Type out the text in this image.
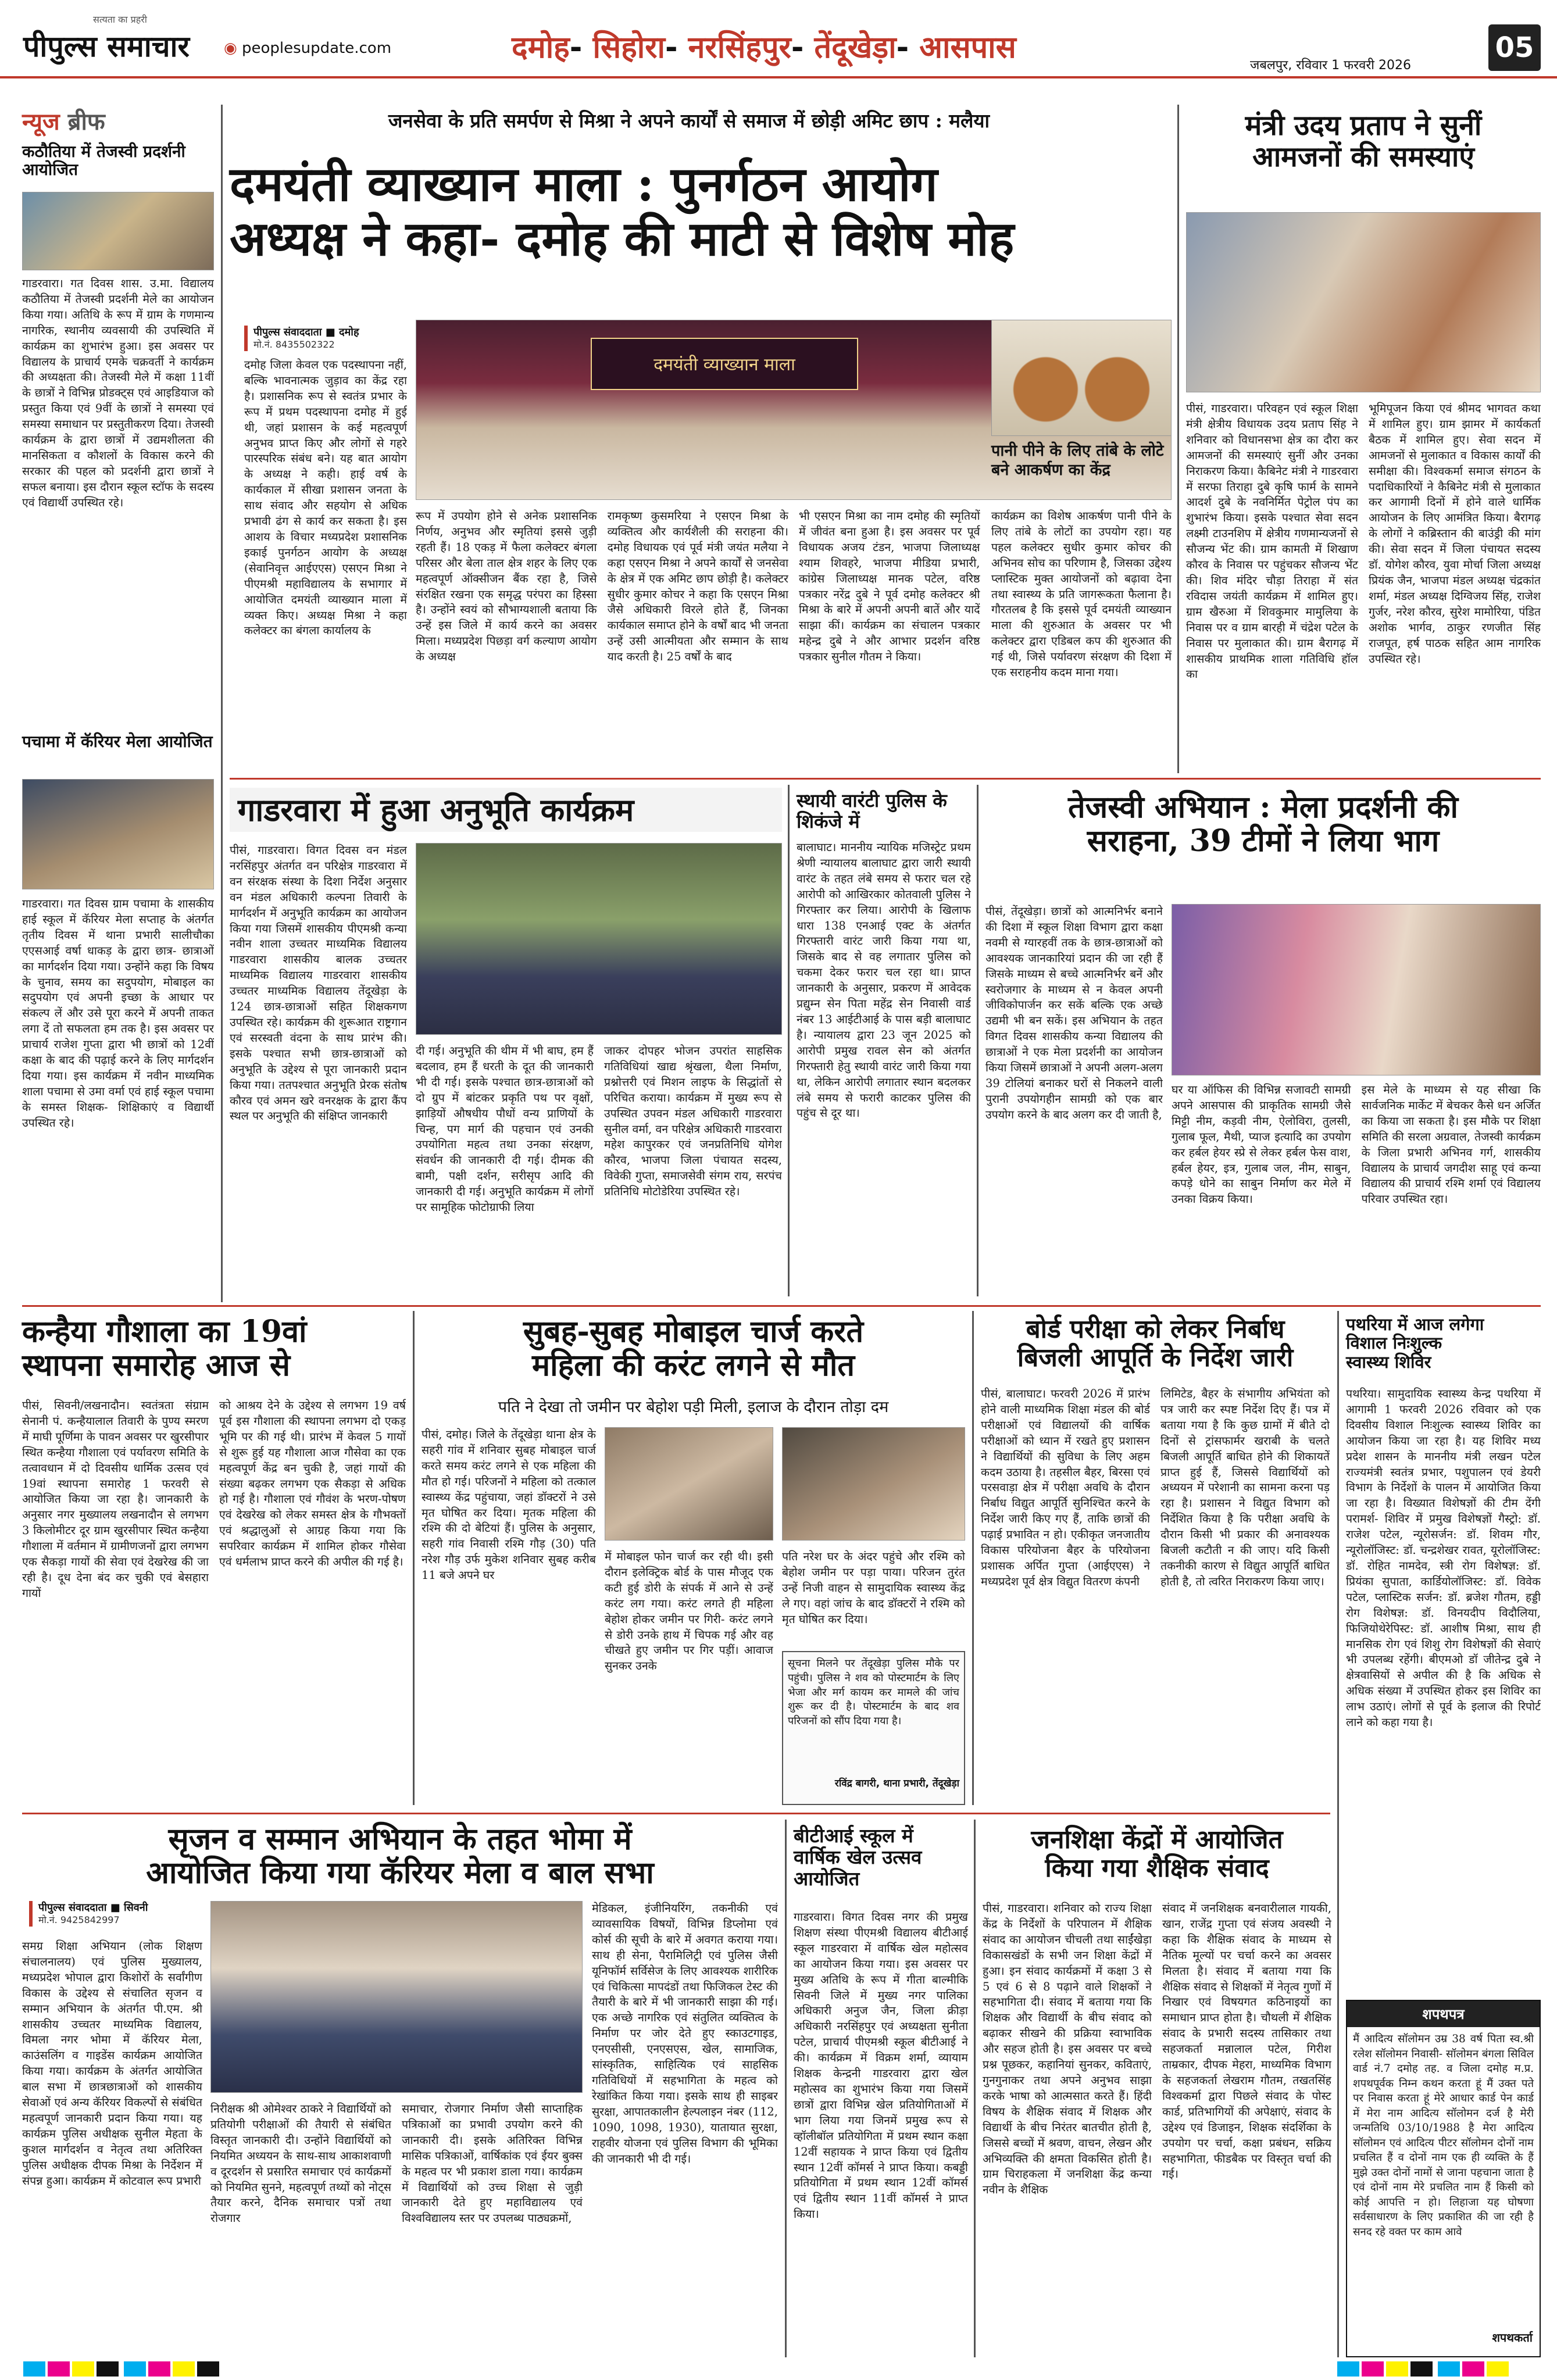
सत्यता का प्रहरी
पीपुल्स समाचार ◉ peoplesupdate.com	दमोह- सिहोरा- नरसिंहपुर- तेंदूखेड़ा- आसपास
जबलपुर, रविवार 1 फरवरी 2026
05
न्यूज ब्रीफ
कठौतिया में तेजस्वी प्रदर्शनी आयोजित
गाडरवारा। गत दिवस शास. उ.मा. विद्यालय कठौतिया में तेजस्वी प्रदर्शनी मेले का आयोजन किया गया। अतिथि के रूप में ग्राम के गणमान्य नागरिक, स्थानीय व्यवसायी की उपस्थिति में कार्यक्रम का शुभारंभ हुआ। इस अवसर पर विद्यालय के प्राचार्य एमके चक्रवर्ती ने कार्यक्रम की अध्यक्षता की। तेजस्वी मेले में कक्षा 11वीं के छात्रों ने विभिन्न प्रोडक्ट्स एवं आइडियाज को प्रस्तुत किया एवं 9वीं के छात्रों ने समस्या एवं समस्या समाधान पर प्रस्तुतीकरण दिया। तेजस्वी कार्यक्रम के द्वारा छात्रों में उद्यमशीलता की मानसिकता व कौशलों के विकास करने की सरकार की पहल को प्रदर्शनी द्वारा छात्रों ने सफल बनाया। इस दौरान स्कूल स्टॉफ के सदस्य एवं विद्यार्थी उपस्थित रहे।
पचामा में कॅरियर मेला आयोजित
गाडरवारा। गत दिवस ग्राम पचामा के शासकीय हाई स्कूल में कॅरियर मेला सप्ताह के अंतर्गत तृतीय दिवस में थाना प्रभारी सालीचौका एएसआई वर्षा धाकड़ के द्वारा छात्र- छात्राओं का मार्गदर्शन दिया गया। उन्होंने कहा कि विषय के चुनाव, समय का सदुपयोग, मोबाइल का सदुपयोग एवं अपनी इच्छा के आधार पर संकल्प लें और उसे पूरा करने में अपनी ताकत लगा दें तो सफलता हम तक है। इस अवसर पर प्राचार्य राजेश गुप्ता द्वारा भी छात्रों को 12वीं कक्षा के बाद की पढ़ाई करने के लिए मार्गदर्शन दिया गया। इस कार्यक्रम में नवीन माध्यमिक शाला पचामा से उमा वर्मा एवं हाई स्कूल पचामा के समस्त शिक्षक- शिक्षिकाएं व विद्यार्थी उपस्थित रहे।
जनसेवा के प्रति समर्पण से मिश्रा ने अपने कार्यों से समाज में छोड़ी अमिट छाप : मलैया
दमयंती व्याख्यान माला : पुनर्गठन आयोग
अध्यक्ष ने कहा- दमोह की माटी से विशेष मोह
पीपुल्स संवाददाता ■ दमोह
मो.नं. 8435502322
दमयंती व्याख्यान माला
दमोह जिला केवल एक पदस्थापना नहीं, बल्कि भावनात्मक जुड़ाव का केंद्र रहा है। प्रशासनिक रूप से स्वतंत्र प्रभार के रूप में प्रथम पदस्थापना दमोह में हुई थी, जहां प्रशासन के कई महत्वपूर्ण अनुभव प्राप्त किए और लोगों से गहरे पारस्परिक संबंध बने। यह बात आयोग के अध्यक्ष ने कही। हाई वर्ष के कार्यकाल में सीखा प्रशासन जनता के साथ संवाद और सहयोग से अधिक प्रभावी ढंग से कार्य कर सकता है। इस आशय के विचार मध्यप्रदेश प्रशासनिक इकाई पुनर्गठन आयोग के अध्यक्ष (सेवानिवृत्त आईएएस) एसएन मिश्रा ने पीएमश्री महाविद्यालय के सभागार में आयोजित दमयंती व्याख्यान माला में व्यक्त किए। अध्यक्ष मिश्रा ने कहा कलेक्टर का बंगला कार्यालय के
रूप में उपयोग होने से अनेक प्रशासनिक निर्णय, अनुभव और स्मृतियां इससे जुड़ी रहती हैं। 18 एकड़ में फैला कलेक्टर बंगला परिसर और बेला ताल क्षेत्र शहर के लिए एक महत्वपूर्ण ऑक्सीजन बैंक रहा है, जिसे संरक्षित रखना एक समृद्ध परंपरा का हिस्सा है। उन्होंने स्वयं को सौभाग्यशाली बताया कि उन्हें इस जिले में कार्य करने का अवसर मिला। मध्यप्रदेश पिछड़ा वर्ग कल्याण आयोग के अध्यक्ष
रामकृष्ण कुसमरिया ने एसएन मिश्रा के व्यक्तित्व और कार्यशैली की सराहना की। दमोह विधायक एवं पूर्व मंत्री जयंत मलैया ने कहा एसएन मिश्रा ने अपने कार्यों से जनसेवा के क्षेत्र में एक अमिट छाप छोड़ी है। कलेक्टर सुधीर कुमार कोचर ने कहा कि एसएन मिश्रा जैसे अधिकारी विरले होते हैं, जिनका कार्यकाल समाप्त होने के वर्षों बाद भी जनता उन्हें उसी आत्मीयता और सम्मान के साथ याद करती है। 25 वर्षों के बाद
भी एसएन मिश्रा का नाम दमोह की स्मृतियों में जीवंत बना हुआ है। इस अवसर पर पूर्व विधायक अजय टंडन, भाजपा जिलाध्यक्ष श्याम शिवहरे, भाजपा मीडिया प्रभारी, कांग्रेस जिलाध्यक्ष मानक पटेल, वरिष्ठ पत्रकार नरेंद्र दुबे ने पूर्व दमोह कलेक्टर श्री मिश्रा के बारे में अपनी अपनी बातें और यादें साझा कीं। कार्यक्रम का संचालन पत्रकार महेन्द्र दुबे ने और आभार प्रदर्शन वरिष्ठ पत्रकार सुनील गौतम ने किया।
पानी पीने के लिए तांबे के लोटे बने आकर्षण का केंद्र
कार्यक्रम का विशेष आकर्षण पानी पीने के लिए तांबे के लोटों का उपयोग रहा। यह पहल कलेक्टर सुधीर कुमार कोचर की अभिनव सोच का परिणाम है, जिसका उद्देश्य प्लास्टिक मुक्त आयोजनों को बढ़ावा देना तथा स्वास्थ्य के प्रति जागरूकता फैलाना है। गौरतलब है कि इससे पूर्व दमयंती व्याख्यान माला की शुरुआत के अवसर पर भी कलेक्टर द्वारा एडिबल कप की शुरुआत की गई थी, जिसे पर्यावरण संरक्षण की दिशा में एक सराहनीय कदम माना गया।
मंत्री उदय प्रताप ने सुनीं
आमजनों की समस्याएं
पीसं, गाडरवारा। परिवहन एवं स्कूल शिक्षा मंत्री क्षेत्रीय विधायक उदय प्रताप सिंह ने शनिवार को विधानसभा क्षेत्र का दौरा कर आमजनों की समस्याएं सुनीं और उनका निराकरण किया। कैबिनेट मंत्री ने गाडरवारा में सरफा तिराहा दुबे कृषि फार्म के सामने आदर्श दुबे के नवनिर्मित पेट्रोल पंप का शुभारंभ किया। इसके पश्चात सेवा सदन लक्ष्मी टाउनशिप में क्षेत्रीय गणमान्यजनों से सौजन्य भेंट की। ग्राम कामती में शिखाण कौरव के निवास पर पहुंचकर सौजन्य भेंट की। शिव मंदिर चौड़ा तिराहा में संत रविदास जयंती कार्यक्रम में शामिल हुए। ग्राम खैरुआ में शिवकुमार मामुलिया के निवास पर व ग्राम बारही में चंद्रेश पटेल के निवास पर मुलाकात की। ग्राम बैरागढ़ में शासकीय प्राथमिक शाला गतिविधि हॉल का
भूमिपूजन किया एवं श्रीमद भागवत कथा में शामिल हुए। ग्राम झामर में कार्यकर्ता बैठक में शामिल हुए। सेवा सदन में आमजनों से मुलाकात व विकास कार्यों की समीक्षा की। विश्वकर्मा समाज संगठन के पदाधिकारियों ने कैबिनेट मंत्री से मुलाकात कर आगामी दिनों में होने वाले धार्मिक आयोजन के लिए आमंत्रित किया। बैरागढ़ के लोगों ने कब्रिस्तान की बाउंड्री की मांग की। सेवा सदन में जिला पंचायत सदस्य डॉ. योगेश कौरव, युवा मोर्चा जिला अध्यक्ष प्रियंक जैन, भाजपा मंडल अध्यक्ष चंद्रकांत शर्मा, मंडल अध्यक्ष दिग्विजय सिंह, राजेश गुर्जर, नरेश कौरव, सुरेश मामोरिया, पंडित अशोक भार्गव, ठाकुर रणजीत सिंह राजपूत, हर्ष पाठक सहित आम नागरिक उपस्थित रहे।
गाडरवारा में हुआ अनुभूति कार्यक्रम
पीसं, गाडरवारा। विगत दिवस वन मंडल नरसिंहपुर अंतर्गत वन परिक्षेत्र गाडरवारा में वन संरक्षक संस्था के दिशा निर्देश अनुसार वन मंडल अधिकारी कल्पना तिवारी के मार्गदर्शन में अनुभूति कार्यक्रम का आयोजन किया गया जिसमें शासकीय पीएमश्री कन्या नवीन शाला उच्चतर माध्यमिक विद्यालय गाडरवारा शासकीय बालक उच्चतर माध्यमिक विद्यालय गाडरवारा शासकीय उच्चतर माध्यमिक विद्यालय तेंदूखेड़ा के 124 छात्र-छात्राओं सहित शिक्षकगण उपस्थित रहे। कार्यक्रम की शुरूआत राष्ट्रगान एवं सरस्वती वंदना के साथ प्रारंभ की। इसके पश्चात सभी छात्र-छात्राओं को अनुभूति के उद्देश्य से पूरा जानकारी प्रदान किया गया। ततपश्चात अनुभूति प्रेरक संतोष कौरव एवं अमन खरे वनरक्षक के द्वारा कैंप स्थल पर अनुभूति की संक्षिप्त जानकारी
दी गई। अनुभूति की थीम में भी बाघ, हम हैं बदलाव, हम हैं धरती के दूत की जानकारी भी दी गई। इसके पश्चात छात्र-छात्राओं को दो ग्रुप में बांटकर प्रकृति पथ पर वृक्षों, झाड़ियों औषधीय पौधों वन्य प्राणियों के चिन्ह, पग मार्ग की पहचान एवं उनकी उपयोगिता महत्व तथा उनका संरक्षण, संवर्धन की जानकारी दी गई। दीमक की बामी, पक्षी दर्शन, सरीसृप आदि की जानकारी दी गई। अनुभूति कार्यक्रम में लोगों पर सामूहिक फोटोग्राफी लिया
जाकर दोपहर भोजन उपरांत साहसिक गतिविधियां खाद्य श्रृंखला, थैला निर्माण, प्रश्नोत्तरी एवं मिशन लाइफ के सिद्धांतों से परिचित कराया। कार्यक्रम में मुख्य रूप से उपस्थित उपवन मंडल अधिकारी गाडरवारा सुनील वर्मा, वन परिक्षेत्र अधिकारी गाडरवारा महेश कापुरकर एवं जनप्रतिनिधि योगेश कौरव, भाजपा जिला पंचायत सदस्य, विवेकी गुप्ता, समाजसेवी संगम राय, सरपंच प्रतिनिधि मोटोडेरिया उपस्थित रहे।
स्थायी वारंटी पुलिस के शिकंजे में
बालाघाट। माननीय न्यायिक मजिस्ट्रेट प्रथम श्रेणी न्यायालय बालाघाट द्वारा जारी स्थायी वारंट के तहत लंबे समय से फरार चल रहे आरोपी को आखिरकार कोतवाली पुलिस ने गिरफ्तार कर लिया। आरोपी के खिलाफ धारा 138 एनआई एक्ट के अंतर्गत गिरफ्तारी वारंट जारी किया गया था, जिसके बाद से वह लगातार पुलिस को चकमा देकर फरार चल रहा था। प्राप्त जानकारी के अनुसार, प्रकरण में आवेदक प्रद्युम्न सेन पिता महेंद्र सेन निवासी वार्ड नंबर 13 आईटीआई के पास बड़ी बालाघाट है। न्यायालय द्वारा 23 जून 2025 को आरोपी प्रमुख रावल सेन को अंतर्गत गिरफ्तारी हेतु स्थायी वारंट जारी किया गया था, लेकिन आरोपी लगातार स्थान बदलकर लंबे समय से फरारी काटकर पुलिस की पहुंच से दूर था।
तेजस्वी अभियान : मेला प्रदर्शनी की
सराहना, 39 टीमों ने लिया भाग
पीसं, तेंदूखेड़ा। छात्रों को आत्मनिर्भर बनाने की दिशा में स्कूल शिक्षा विभाग द्वारा कक्षा नवमी से ग्यारहवीं तक के छात्र-छात्राओं को आवश्यक जानकारियां प्रदान की जा रही हैं जिसके माध्यम से बच्चे आत्मनिर्भर बनें और स्वरोजगार के माध्यम से न केवल अपनी जीविकोपार्जन कर सकें बल्कि एक अच्छे उद्यमी भी बन सकें। इस अभियान के तहत विगत दिवस शासकीय कन्या विद्यालय की छात्राओं ने एक मेला प्रदर्शनी का आयोजन किया जिसमें छात्राओं ने अपनी अलग-अलग 39 टोलियां बनाकर घरों से निकलने वाली पुरानी उपयोगहीन सामग्री को एक बार उपयोग करने के बाद अलग कर दी जाती है,
घर या ऑफिस की विभिन्न सजावटी सामग्री अपने आसपास की प्राकृतिक सामग्री जैसे मिट्टी नीम, कड़वी नीम, ऐलोविरा, तुलसी, गुलाब फूल, मैथी, प्याज इत्यादि का उपयोग कर हर्बल हेयर स्प्रे से लेकर हर्बल फेस वाश, हर्बल हेयर, इत्र, गुलाब जल, नीम, साबुन, कपड़े धोने का साबुन निर्माण कर मेले में उनका विक्रय किया।
इस मेले के माध्यम से यह सीखा कि सार्वजनिक मार्केट में बेचकर कैसे धन अर्जित का किया जा सकता है। इस मौके पर शिक्षा समिति की सरला अग्रवाल, तेजस्वी कार्यक्रम के जिला प्रभारी अभिनव गर्ग, शासकीय विद्यालय के प्राचार्य जगदीश साहू एवं कन्या विद्यालय की प्राचार्य रश्मि शर्मा एवं विद्यालय परिवार उपस्थित रहा।
कन्हैया गौशाला का 19वां
स्थापना समारोह आज से
पीसं, सिवनी/लखनादौन। स्वतंत्रता संग्राम सेनानी पं. कन्हैयालाल तिवारी के पुण्य स्मरण में माघी पूर्णिमा के पावन अवसर पर खुरसीपार स्थित कन्हैया गौशाला एवं पर्यावरण समिति के तत्वावधान में दो दिवसीय धार्मिक उत्सव एवं 19वां स्थापना समारोह 1 फरवरी से आयोजित किया जा रहा है। जानकारी के अनुसार नगर मुख्यालय लखनादौन से लगभग 3 किलोमीटर दूर ग्राम खुरसीपार स्थित कन्हैया गौशाला में वर्तमान में ग्रामीणजनों द्वारा लगभग एक सैकड़ा गायों की सेवा एवं देखरेख की जा रही है। दूध देना बंद कर चुकी एवं बेसहारा गायों
को आश्रय देने के उद्देश्य से लगभग 19 वर्ष पूर्व इस गौशाला की स्थापना लगभग दो एकड़ भूमि पर की गई थी। प्रारंभ में केवल 5 गायों से शुरू हुई यह गौशाला आज गौसेवा का एक महत्वपूर्ण केंद्र बन चुकी है, जहां गायों की संख्या बढ़कर लगभग एक सैकड़ा से अधिक हो गई है। गौशाला एवं गौवंश के भरण-पोषण एवं देखरेख को लेकर समस्त क्षेत्र के गौभक्तों एवं श्रद्धालुओं से आग्रह किया गया कि सपरिवार कार्यक्रम में शामिल होकर गौसेवा एवं धर्मलाभ प्राप्त करने की अपील की गई है।
सुबह-सुबह मोबाइल चार्ज करते
महिला की करंट लगने से मौत
पति ने देखा तो जमीन पर बेहोश पड़ी मिली, इलाज के दौरान तोड़ा दम
पीसं, दमोह। जिले के तेंदूखेड़ा थाना क्षेत्र के सहरी गांव में शनिवार सुबह मोबाइल चार्ज करते समय करंट लगने से एक महिला की मौत हो गई। परिजनों ने महिला को तत्काल स्वास्थ्य केंद्र पहुंचाया, जहां डॉक्टरों ने उसे मृत घोषित कर दिया। मृतक महिला की रश्मि की दो बेटियां हैं। पुलिस के अनुसार, सहरी गांव निवासी रश्मि गौड़ (30) पति नरेश गौड़ उर्फ मुकेश शनिवार सुबह करीब 11 बजे अपने घर
में मोबाइल फोन चार्ज कर रही थी। इसी दौरान इलेक्ट्रिक बोर्ड के पास मौजूद एक कटी हुई डोरी के संपर्क में आने से उन्हें करंट लग गया। करंट लगते ही महिला बेहोश होकर जमीन पर गिरी- करंट लगने से डोरी उनके हाथ में चिपक गई और वह चीखते हुए जमीन पर गिर पड़ीं। आवाज सुनकर उनके
पति नरेश घर के अंदर पहुंचे और रश्मि को बेहोश जमीन पर पड़ा पाया। परिजन तुरंत उन्हें निजी वाहन से सामुदायिक स्वास्थ्य केंद्र ले गए। वहां जांच के बाद डॉक्टरों ने रश्मि को मृत घोषित कर दिया।
सूचना मिलने पर तेंदूखेड़ा पुलिस मौके पर पहुंची। पुलिस ने शव को पोस्टमार्टम के लिए भेजा और मर्ग कायम कर मामले की जांच शुरू कर दी है। पोस्टमार्टम के बाद शव परिजनों को सौंप दिया गया है।
रविंद्र बागरी, थाना प्रभारी, तेंदूखेड़ा
बोर्ड परीक्षा को लेकर निर्बाध
बिजली आपूर्ति के निर्देश जारी
पीसं, बालाघाट। फरवरी 2026 में प्रारंभ होने वाली माध्यमिक शिक्षा मंडल की बोर्ड परीक्षाओं एवं विद्यालयों की वार्षिक परीक्षाओं को ध्यान में रखते हुए प्रशासन ने विद्यार्थियों की सुविधा के लिए अहम कदम उठाया है। तहसील बैहर, बिरसा एवं परसवाड़ा क्षेत्र में परीक्षा अवधि के दौरान निर्बाध विद्युत आपूर्ति सुनिश्चित करने के निर्देश जारी किए गए हैं, ताकि छात्रों की पढ़ाई प्रभावित न हो। एकीकृत जनजातीय विकास परियोजना बैहर के परियोजना प्रशासक अर्पित गुप्ता (आईएएस) ने मध्यप्रदेश पूर्व क्षेत्र विद्युत वितरण कंपनी
लिमिटेड, बैहर के संभागीय अभियंता को पत्र जारी कर स्पष्ट निर्देश दिए हैं। पत्र में बताया गया है कि कुछ ग्रामों में बीते दो दिनों से ट्रांसफार्मर खराबी के चलते बिजली आपूर्ति बाधित होने की शिकायतें प्राप्त हुई हैं, जिससे विद्यार्थियों को अध्ययन में परेशानी का सामना करना पड़ रहा है। प्रशासन ने विद्युत विभाग को निर्देशित किया है कि परीक्षा अवधि के दौरान किसी भी प्रकार की अनावश्यक बिजली कटौती न की जाए। यदि किसी तकनीकी कारण से विद्युत आपूर्ति बाधित होती है, तो त्वरित निराकरण किया जाए।
पथरिया में आज लगेगा
विशाल निःशुल्क
स्वास्थ्य शिविर
पथरिया। सामुदायिक स्वास्थ्य केन्द्र पथरिया में आगामी 1 फरवरी 2026 रविवार को एक दिवसीय विशाल निःशुल्क स्वास्थ्य शिविर का आयोजन किया जा रहा है। यह शिविर मध्य प्रदेश शासन के माननीय मंत्री लखन पटेल राज्यमंत्री स्वतंत्र प्रभार, पशुपालन एवं डेयरी विभाग के निर्देशों के पालन में आयोजित किया जा रहा है। विख्यात विशेषज्ञों की टीम देंगी परामर्श- शिविर में प्रमुख विशेषज्ञों गैस्ट्रो: डॉ. राजेश पटेल, न्यूरोसर्जन: डॉ. शिवम गौर, न्यूरोलॉजिस्ट: डॉ. चन्द्रशेखर रावत, यूरोलॉजिस्ट: डॉ. रोहित नामदेव, स्त्री रोग विशेषज्ञ: डॉ. प्रियंका सुपाता, कार्डियोलॉजिस्ट: डॉ. विवेक पटेल, प्लास्टिक सर्जन: डॉ. ब्रजेश गौतम, हड्डी रोग विशेषज्ञ: डॉ. विनयदीप विदौलिया, फिजियोथेरेपिस्ट: डॉ. आशीष मिश्रा, साथ ही मानसिक रोग एवं शिशु रोग विशेषज्ञों की सेवाएं भी उपलब्ध रहेंगी। बीएमओ डॉ जीतेन्द्र दुबे ने क्षेत्रवासियों से अपील की है कि अधिक से अधिक संख्या में उपस्थित होकर इस शिविर का लाभ उठाएं। लोगों से पूर्व के इलाज की रिपोर्ट लाने को कहा गया है।
शपथपत्र
मैं आदित्य सॉलोमन उम्र 38 वर्ष पिता स्व.श्री रलेश सॉलोमन निवासी- सॉलोमन बंगला सिविल वार्ड नं.7 दमोह तह. व जिला दमोह म.प्र. शपथपूर्वक निम्न कथन करता हूं मैं उक्त पते पर निवास करता हूं मेरे आधार कार्ड पेन कार्ड में मेरा नाम आदित्य सॉलोमन दर्ज है मेरी जन्मतिथि 03/10/1988 है मेरा आदित्य सॉलोमन एवं आदित्य पीटर सॉलोमन दोनों नाम प्रचलित हैं व दोनों नाम एक ही व्यक्ति के हैं मुझे उक्त दोनों नामों से जाना पहचाना जाता है एवं दोनों नाम मेरे प्रचलित नाम हैं किसी को कोई आपत्ति न हो। लिहाजा यह घोषणा सर्वसाधारण के लिए प्रकाशित की जा रही है सनद रहे वक्त पर काम आवे
शपथकर्ता
सृजन व सम्मान अभियान के तहत भोमा में
आयोजित किया गया कॅरियर मेला व बाल सभा
पीपुल्स संवाददाता ■ सिवनी
मो.नं. 9425842997
समग्र शिक्षा अभियान (लोक शिक्षण संचालनालय) एवं पुलिस मुख्यालय, मध्यप्रदेश भोपाल द्वारा किशोरों के सर्वांगीण विकास के उद्देश्य से संचालित सृजन व सम्मान अभियान के अंतर्गत पी.एम. श्री शासकीय उच्चतर माध्यमिक विद्यालय, विमला नगर भोमा में कॅरियर मेला, काउंसलिंग व गाइडेंस कार्यक्रम आयोजित किया गया। कार्यक्रम के अंतर्गत आयोजित बाल सभा में छात्रछात्राओं को शासकीय सेवाओं एवं अन्य कॅरियर विकल्पों से संबंधित महत्वपूर्ण जानकारी प्रदान किया गया। यह कार्यक्रम पुलिस अधीक्षक सुनील मेहता के कुशल मार्गदर्शन व नेतृत्व तथा अतिरिक्त पुलिस अधीक्षक दीपक मिश्रा के निर्देशन में संपन्न हुआ। कार्यक्रम में कोटवाल रूप प्रभारी
निरीक्षक श्री ओमेश्वर ठाकरे ने विद्यार्थियों को प्रतियोगी परीक्षाओं की तैयारी से संबंधित विस्तृत जानकारी दी। उन्होंने विद्यार्थियों को नियमित अध्ययन के साथ-साथ आकाशवाणी व दूरदर्शन से प्रसारित समाचार एवं कार्यक्रमों को नियमित सुनने, महत्वपूर्ण तथ्यों को नोट्स तैयार करने, दैनिक समाचार पत्रों तथा रोजगार
समाचार, रोजगार निर्माण जैसी साप्ताहिक पत्रिकाओं का प्रभावी उपयोग करने की जानकारी दी। इसके अतिरिक्त विभिन्न मासिक पत्रिकाओं, वार्षिकांक एवं ईयर बुक्स के महत्व पर भी प्रकाश डाला गया। कार्यक्रम में विद्यार्थियों को उच्च शिक्षा से जुड़ी जानकारी देते हुए महाविद्यालय एवं विश्वविद्यालय स्तर पर उपलब्ध पाठ्यक्रमों,
मेडिकल, इंजीनियरिंग, तकनीकी एवं व्यावसायिक विषयों, विभिन्न डिप्लोमा एवं कोर्स की सूची के बारे में अवगत कराया गया। साथ ही सेना, पैरामिलिट्री एवं पुलिस जैसी यूनिफॉर्म सर्विसेज के लिए आवश्यक शारीरिक एवं चिकित्सा मापदंडों तथा फिजिकल टेस्ट की तैयारी के बारे में भी जानकारी साझा की गई। एक अच्छे नागरिक एवं संतुलित व्यक्तित्व के निर्माण पर जोर देते हुए स्काउटगाइड, एनएसीसी, एनएसएस, खेल, सामाजिक, सांस्कृतिक, साहित्यिक एवं साहसिक गतिविधियों में सहभागिता के महत्व को रेखांकित किया गया। इसके साथ ही साइबर सुरक्षा, आपातकालीन हेल्पलाइन नंबर (112, 1090, 1098, 1930), यातायात सुरक्षा, राहवीर योजना एवं पुलिस विभाग की भूमिका की जानकारी भी दी गई।
बीटीआई स्कूल में
वार्षिक खेल उत्सव
आयोजित
गाडरवारा। विगत दिवस नगर की प्रमुख शिक्षण संस्था पीएमश्री विद्यालय बीटीआई स्कूल गाडरवारा में वार्षिक खेल महोत्सव का आयोजन किया गया। इस अवसर पर मुख्य अतिथि के रूप में गीता बाल्मीकि सिवनी जिले में मुख्य नगर पालिका अधिकारी अनुज जैन, जिला क्रीड़ा अधिकारी नरसिंहपुर एवं अध्यक्षता सुनीता पटेल, प्राचार्य पीएमश्री स्कूल बीटीआई ने की। कार्यक्रम में विक्रम शर्मा, व्यायाम शिक्षक केन्द्रनी गाडरवारा द्वारा खेल महोत्सव का शुभारंभ किया गया जिसमें छात्रों द्वारा विभिन्न खेल प्रतियोगिताओं में भाग लिया गया जिनमें प्रमुख रूप से व्हॉलीबॉल प्रतियोगिता में प्रथम स्थान कक्षा 12वीं सहायक ने प्राप्त किया एवं द्वितीय स्थान 12वीं कॉमर्स ने प्राप्त किया। कबड्डी प्रतियोगिता में प्रथम स्थान 12वीं कॉमर्स एवं द्वितीय स्थान 11वीं कॉमर्स ने प्राप्त किया।
जनशिक्षा केंद्रों में आयोजित
किया गया शैक्षिक संवाद
पीसं, गाडरवारा। शनिवार को राज्य शिक्षा केंद्र के निर्देशों के परिपालन में शैक्षिक संवाद का आयोजन चीचली तथा साईंखेड़ा विकासखंडों के सभी जन शिक्षा केंद्रों में हुआ। इन संवाद कार्यक्रमों में कक्षा 3 से 5 एवं 6 से 8 पढ़ाने वाले शिक्षकों ने सहभागिता दी। संवाद में बताया गया कि शिक्षक और विद्यार्थी के बीच संवाद को बढ़ाकर सीखने की प्रक्रिया स्वाभाविक और सहज होती है। इस अवसर पर बच्चे प्रश्न पूछकर, कहानियां सुनकर, कविताएं, गुनगुनाकर तथा अपने अनुभव साझा करके भाषा को आत्मसात करते हैं। हिंदी विषय के शैक्षिक संवाद में शिक्षक और विद्यार्थी के बीच निरंतर बातचीत होती है, जिससे बच्चों में श्रवण, वाचन, लेखन और अभिव्यक्ति की क्षमता विकसित होती है। ग्राम चिराहकला में जनशिक्षा केंद्र कन्या नवीन के शैक्षिक
संवाद में जनशिक्षक बनवारीलाल गायकी, खान, राजेंद्र गुप्ता एवं संजय अवस्थी ने कहा कि शैक्षिक संवाद के माध्यम से नैतिक मूल्यों पर चर्चा करने का अवसर मिलता है। संवाद में बताया गया कि शैक्षिक संवाद से शिक्षकों में नेतृत्व गुणों में निखार एवं विषयगत कठिनाइयों का समाधान प्राप्त होता है। चौथली में शैक्षिक संवाद के प्रभारी सदस्य तासिकार तथा सहजकर्ता मन्नालाल पटेल, गिरीश ताम्रकार, दीपक मेहरा, माध्यमिक विभाग के सहजकर्ता लेखराम गौतम, तखतसिंह विश्वकर्मा द्वारा पिछले संवाद के पोस्ट कार्ड, प्रतिभागियों की अपेक्षाएं, संवाद के उद्देश्य एवं डिजाइन, शिक्षक संदर्शिका के उपयोग पर चर्चा, कक्षा प्रबंधन, सक्रिय सहभागिता, फीडबैक पर विस्तृत चर्चा की गई।
